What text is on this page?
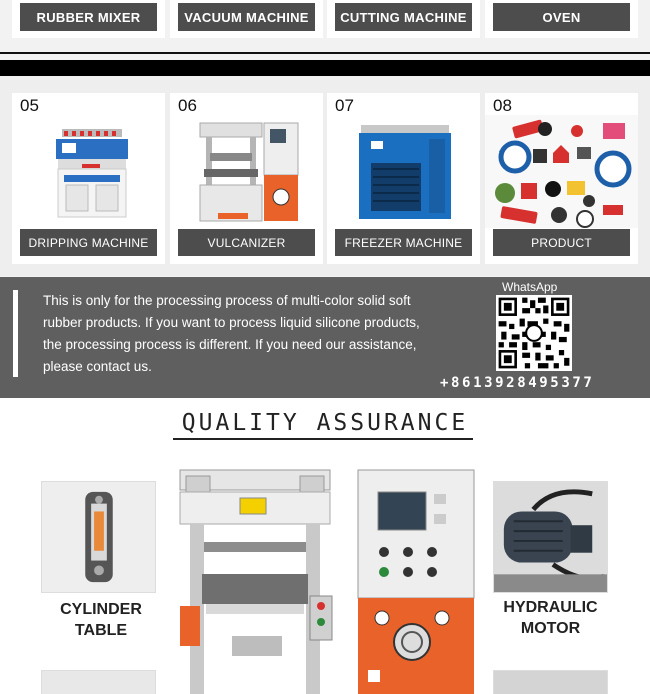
RUBBER MIXER	VACUUM MACHINE	CUTTING MACHINE	OVEN
05
DRIPPING MACHINE
06
VULCANIZER
07
FREEZER MACHINE
08
PRODUCT
This is only for the processing process of multi-color solid soft rubber products. If you want to process liquid silicone products, the processing process is different. If you need our assistance, please contact us.
WhatsApp
+8613928495377
QUALITY ASSURANCE
CYLINDER
TABLE
HYDRAULIC
MOTOR
